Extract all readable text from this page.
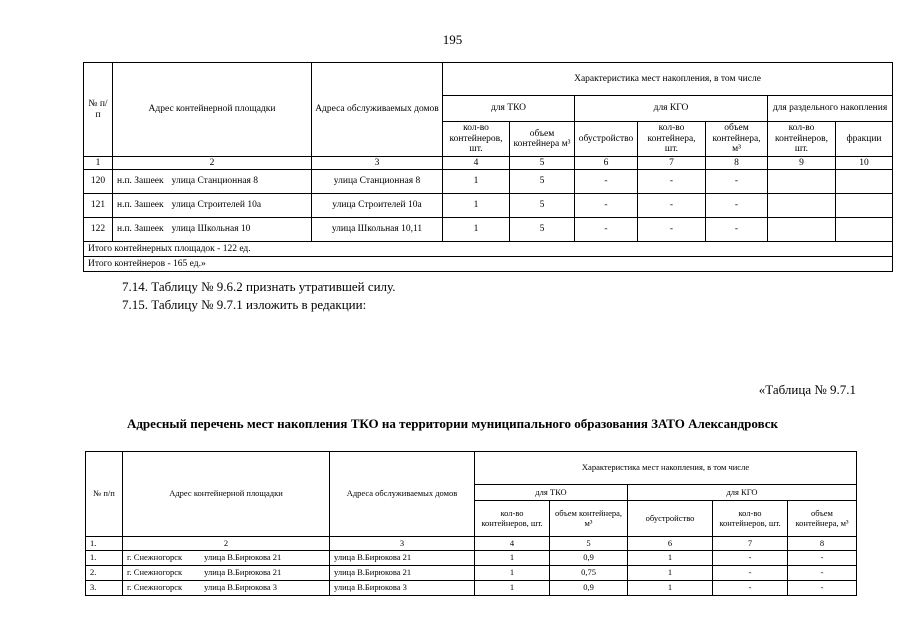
195
№ п/п	Адрес контейнерной площадки	Адреса обслуживаемых домов	Характеристика мест накопления, в том числе						
			для ТКО		для КГО			для раздельного накопления	
			кол-во контейнеров, шт.	объем контейнера м³	обустройство	кол-во контейнера, шт.	объем контейнера, м³	кол-во контейнеров, шт.	фракции
1	2	3	4	5	6	7	8	9	10
120	н.п. Зашеек улица Станционная 8	улица Станционная 8	1	5	-	-	-		
121	н.п. Зашеек улица Строителей 10а	улица Строителей 10а	1	5	-	-	-		
122	н.п. Зашеек улица Школьная 10	улица Школьная 10,11	1	5	-	-	-		
Итого контейнерных площадок - 122 ед.									
Итого контейнеров - 165 ед.»									
7.14. Таблицу № 9.6.2 признать утратившей силу.
7.15. Таблицу № 9.7.1 изложить в редакции:
«Таблица № 9.7.1
Адресный перечень мест накопления ТКО на территории муниципального образования ЗАТО Александровск
№ п/п	Адрес контейнерной площадки	Адреса обслуживаемых домов	Характеристика мест накопления, в том числе				
			для ТКО		для КГО		
			кол-во контейнеров, шт.	объем контейнера, м³	обустройство	кол-во контейнеров, шт.	объем контейнера, м³
1.	2	3	4	5	6	7	8
1.	г. Снежногорск улица В.Бирюкова 21	улица В.Бирюкова 21	1	0,9	1	-	-
2.	г. Снежногорск улица В.Бирюкова 21	улица В.Бирюкова 21	1	0,75	1	-	-
3.	г. Снежногорск улица В.Бирюкова 3	улица В.Бирюкова 3	1	0,9	1	-	-
